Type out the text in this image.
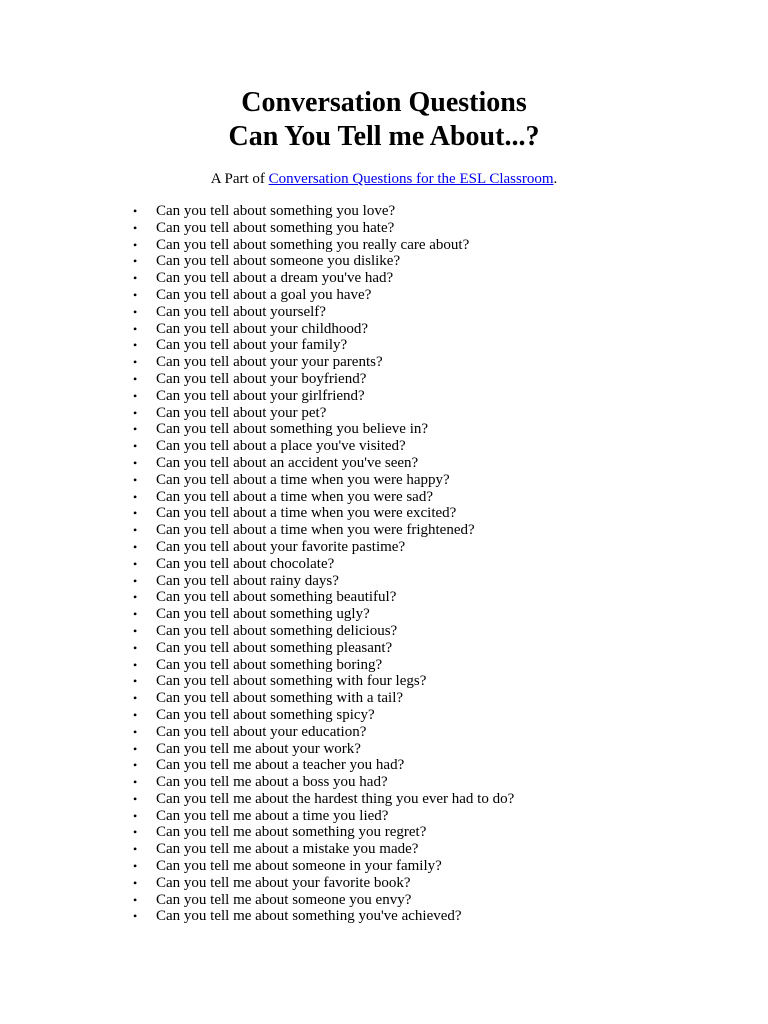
Conversation Questions
Can You Tell me About...?

A Part of Conversation Questions for the ESL Classroom.

• Can you tell about something you love?
• Can you tell about something you hate?
• Can you tell about something you really care about?
• Can you tell about someone you dislike?
• Can you tell about a dream you've had?
• Can you tell about a goal you have?
• Can you tell about yourself?
• Can you tell about your childhood?
• Can you tell about your family?
• Can you tell about your your parents?
• Can you tell about your boyfriend?
• Can you tell about your girlfriend?
• Can you tell about your pet?
• Can you tell about something you believe in?
• Can you tell about a place you've visited?
• Can you tell about an accident you've seen?
• Can you tell about a time when you were happy?
• Can you tell about a time when you were sad?
• Can you tell about a time when you were excited?
• Can you tell about a time when you were frightened?
• Can you tell about your favorite pastime?
• Can you tell about chocolate?
• Can you tell about rainy days?
• Can you tell about something beautiful?
• Can you tell about something ugly?
• Can you tell about something delicious?
• Can you tell about something pleasant?
• Can you tell about something boring?
• Can you tell about something with four legs?
• Can you tell about something with a tail?
• Can you tell about something spicy?
• Can you tell about your education?
• Can you tell me about your work?
• Can you tell me about a teacher you had?
• Can you tell me about a boss you had?
• Can you tell me about the hardest thing you ever had to do?
• Can you tell me about a time you lied?
• Can you tell me about something you regret?
• Can you tell me about a mistake you made?
• Can you tell me about someone in your family?
• Can you tell me about your favorite book?
• Can you tell me about someone you envy?
• Can you tell me about something you've achieved?
